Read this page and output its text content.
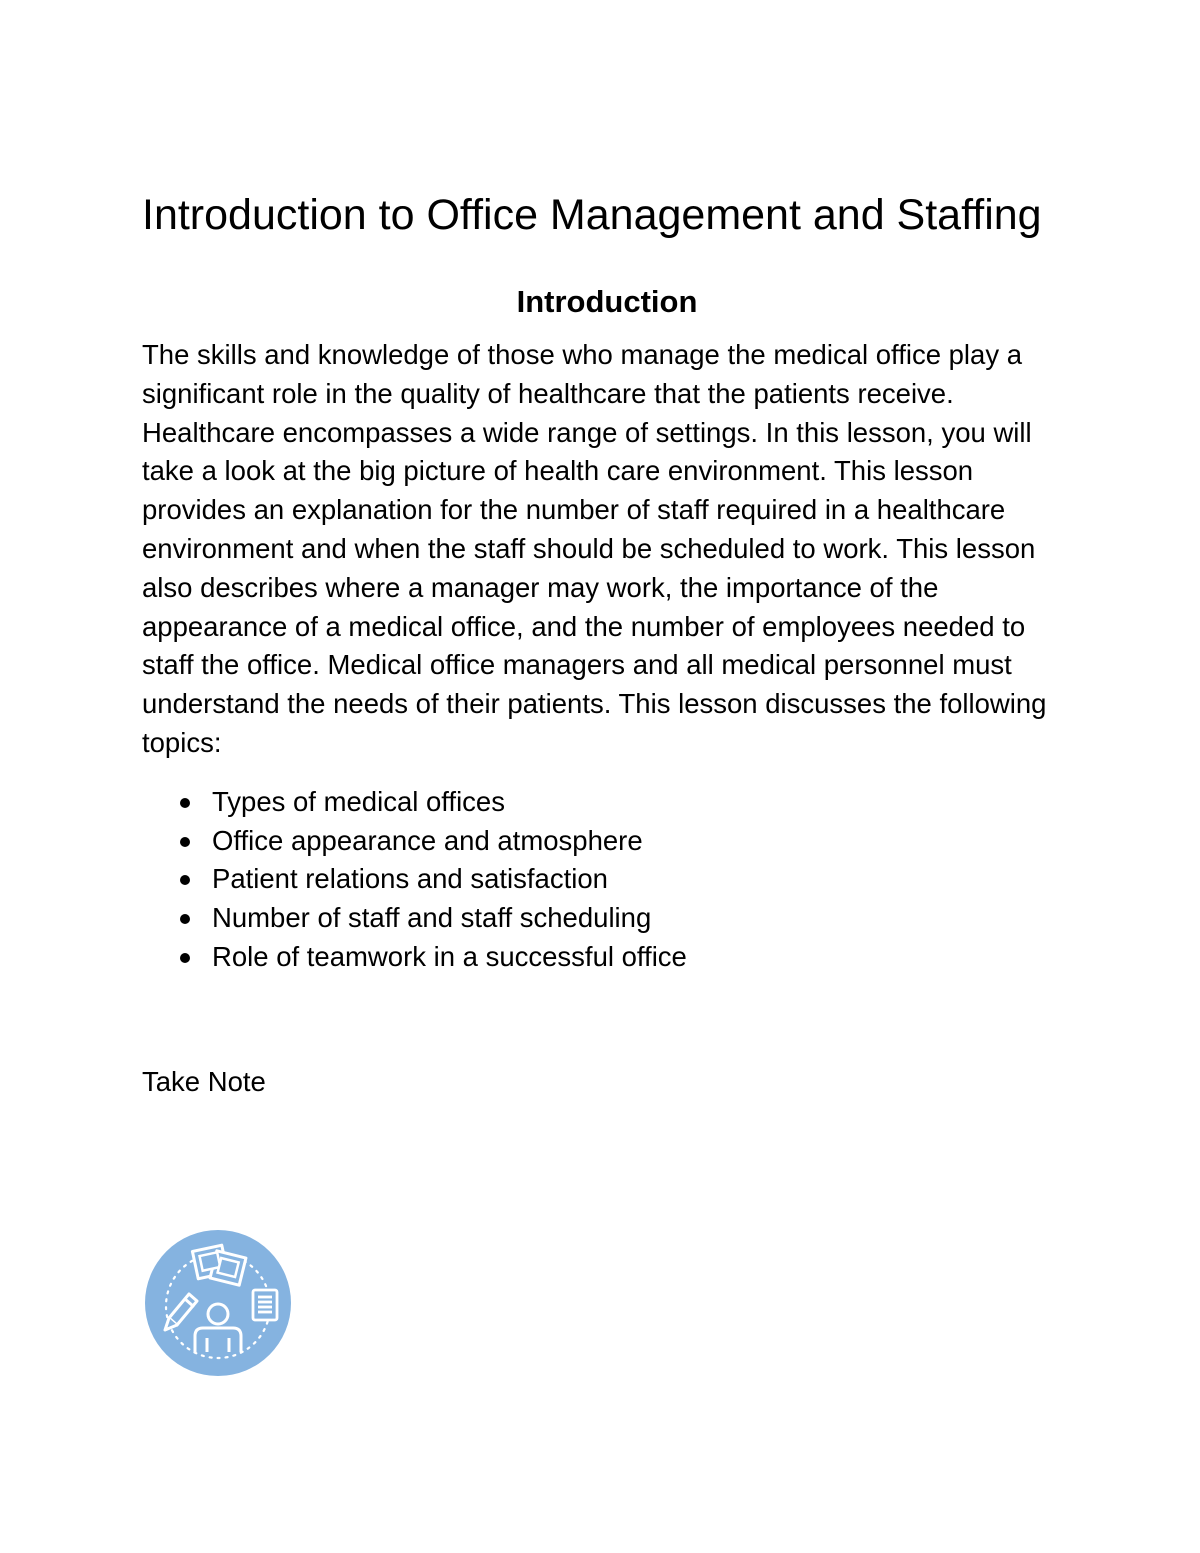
Introduction to Office Management and Staffing
Introduction

The skills and knowledge of those who manage the medical office play a significant role in the quality of healthcare that the patients receive. Healthcare encompasses a wide range of settings. In this lesson, you will take a look at the big picture of health care environment. This lesson provides an explanation for the number of staff required in a healthcare environment and when the staff should be scheduled to work. This lesson also describes where a manager may work, the importance of the appearance of a medical office, and the number of employees needed to staff the office. Medical office managers and all medical personnel must understand the needs of their patients. This lesson discusses the following topics:

Types of medical offices
Office appearance and atmosphere
Patient relations and satisfaction
Number of staff and staff scheduling
Role of teamwork in a successful office

Take Note
